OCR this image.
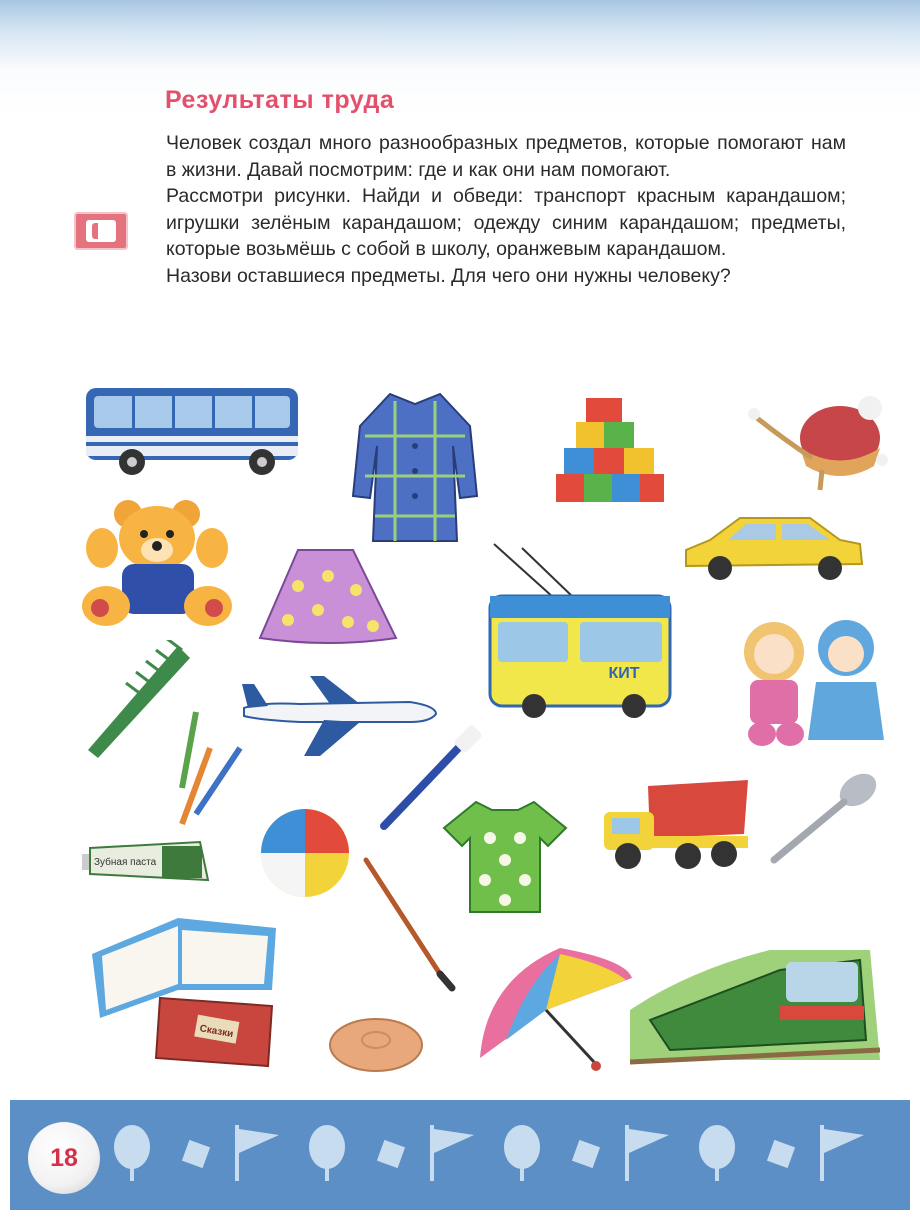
Результаты труда

Человек создал много разнообразных предметов, которые помогают нам в жизни. Давай посмотрим: где и как они нам помогают.

Рассмотри рисунки. Найди и обведи: транспорт красным карандашом; игрушки зелёным карандашом; одежду синим карандашом; предметы, которые возьмёшь с собой в школу, оранжевым карандашом.

Назови оставшиеся предметы. Для чего они нужны человеку?

КИТ
Зубная паста
Сказки
18
